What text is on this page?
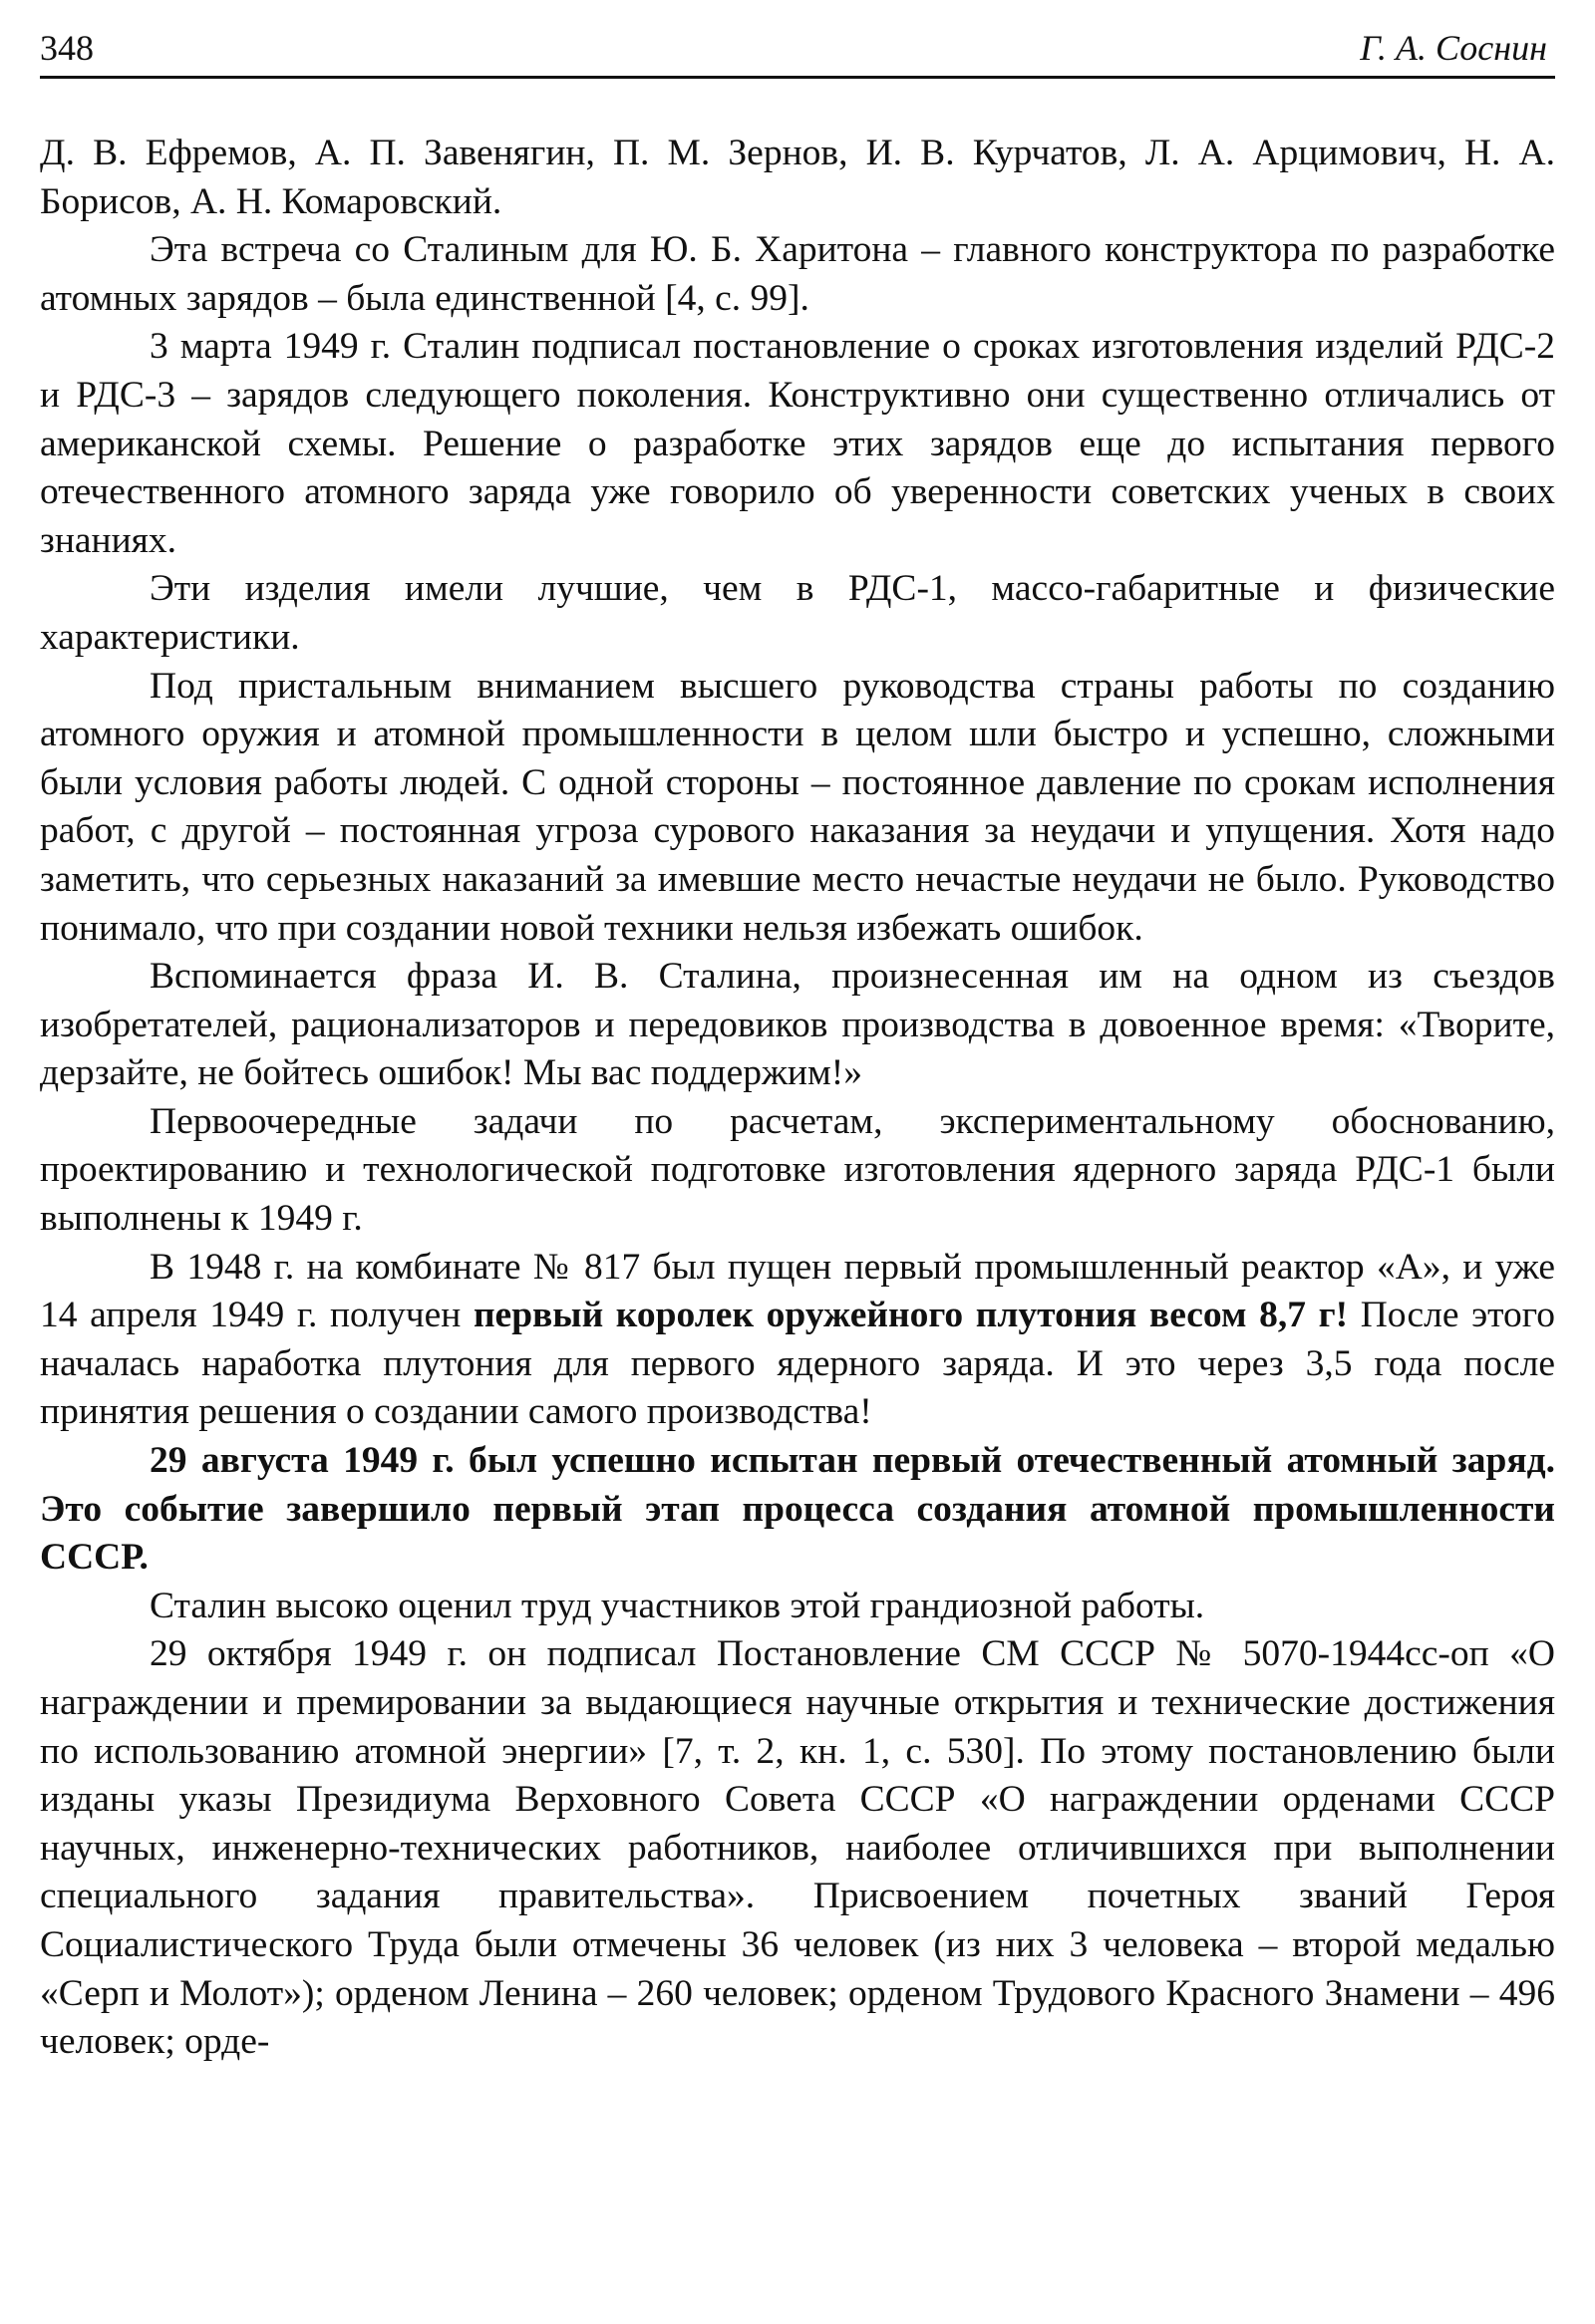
348	Г. А. Соснин

Д. В. Ефремов, А. П. Завенягин, П. М. Зернов, И. В. Курчатов, Л. А. Арцимович, Н. А. Борисов, А. Н. Комаровский.

Эта встреча со Сталиным для Ю. Б. Харитона – главного конструктора по разработке атомных зарядов – была единственной [4, с. 99].

3 марта 1949 г. Сталин подписал постановление о сроках изготовления изделий РДС-2 и РДС-3 – зарядов следующего поколения. Конструктивно они существенно отличались от американской схемы. Решение о разработке этих зарядов еще до испытания первого отечественного атомного заряда уже говорило об уверенности советских ученых в своих знаниях.

Эти изделия имели лучшие, чем в РДС-1, массо-габаритные и физические характеристики.

Под пристальным вниманием высшего руководства страны работы по созданию атомного оружия и атомной промышленности в целом шли быстро и успешно, сложными были условия работы людей. С одной стороны – постоянное давление по срокам исполнения работ, с другой – постоянная угроза сурового наказания за неудачи и упущения. Хотя надо заметить, что серьезных наказаний за имевшие место нечастые неудачи не было. Руководство понимало, что при создании новой техники нельзя избежать ошибок.

Вспоминается фраза И. В. Сталина, произнесенная им на одном из съездов изобретателей, рационализаторов и передовиков производства в довоенное время: «Творите, дерзайте, не бойтесь ошибок! Мы вас поддержим!»

Первоочередные задачи по расчетам, экспериментальному обоснованию, проектированию и технологической подготовке изготовления ядерного заряда РДС-1 были выполнены к 1949 г.

В 1948 г. на комбинате № 817 был пущен первый промышленный реактор «А», и уже 14 апреля 1949 г. получен первый королек оружейного плутония весом 8,7 г! После этого началась наработка плутония для первого ядерного заряда. И это через 3,5 года после принятия решения о создании самого производства!

29 августа 1949 г. был успешно испытан первый отечественный атомный заряд. Это событие завершило первый этап процесса создания атомной промышленности СССР.

Сталин высоко оценил труд участников этой грандиозной работы.

29 октября 1949 г. он подписал Постановление СМ СССР № 5070-1944сс-оп «О награждении и премировании за выдающиеся научные открытия и технические достижения по использованию атомной энергии» [7, т. 2, кн. 1, с. 530]. По этому постановлению были изданы указы Президиума Верховного Совета СССР «О награждении орденами СССР научных, инженерно-технических работников, наиболее отличившихся при выполнении специального задания правительства». Присвоением почетных званий Героя Социалистического Труда были отмечены 36 человек (из них 3 человека – второй медалью «Серп и Молот»); орденом Ленина – 260 человек; орденом Трудового Красного Знамени – 496 человек; орде-
